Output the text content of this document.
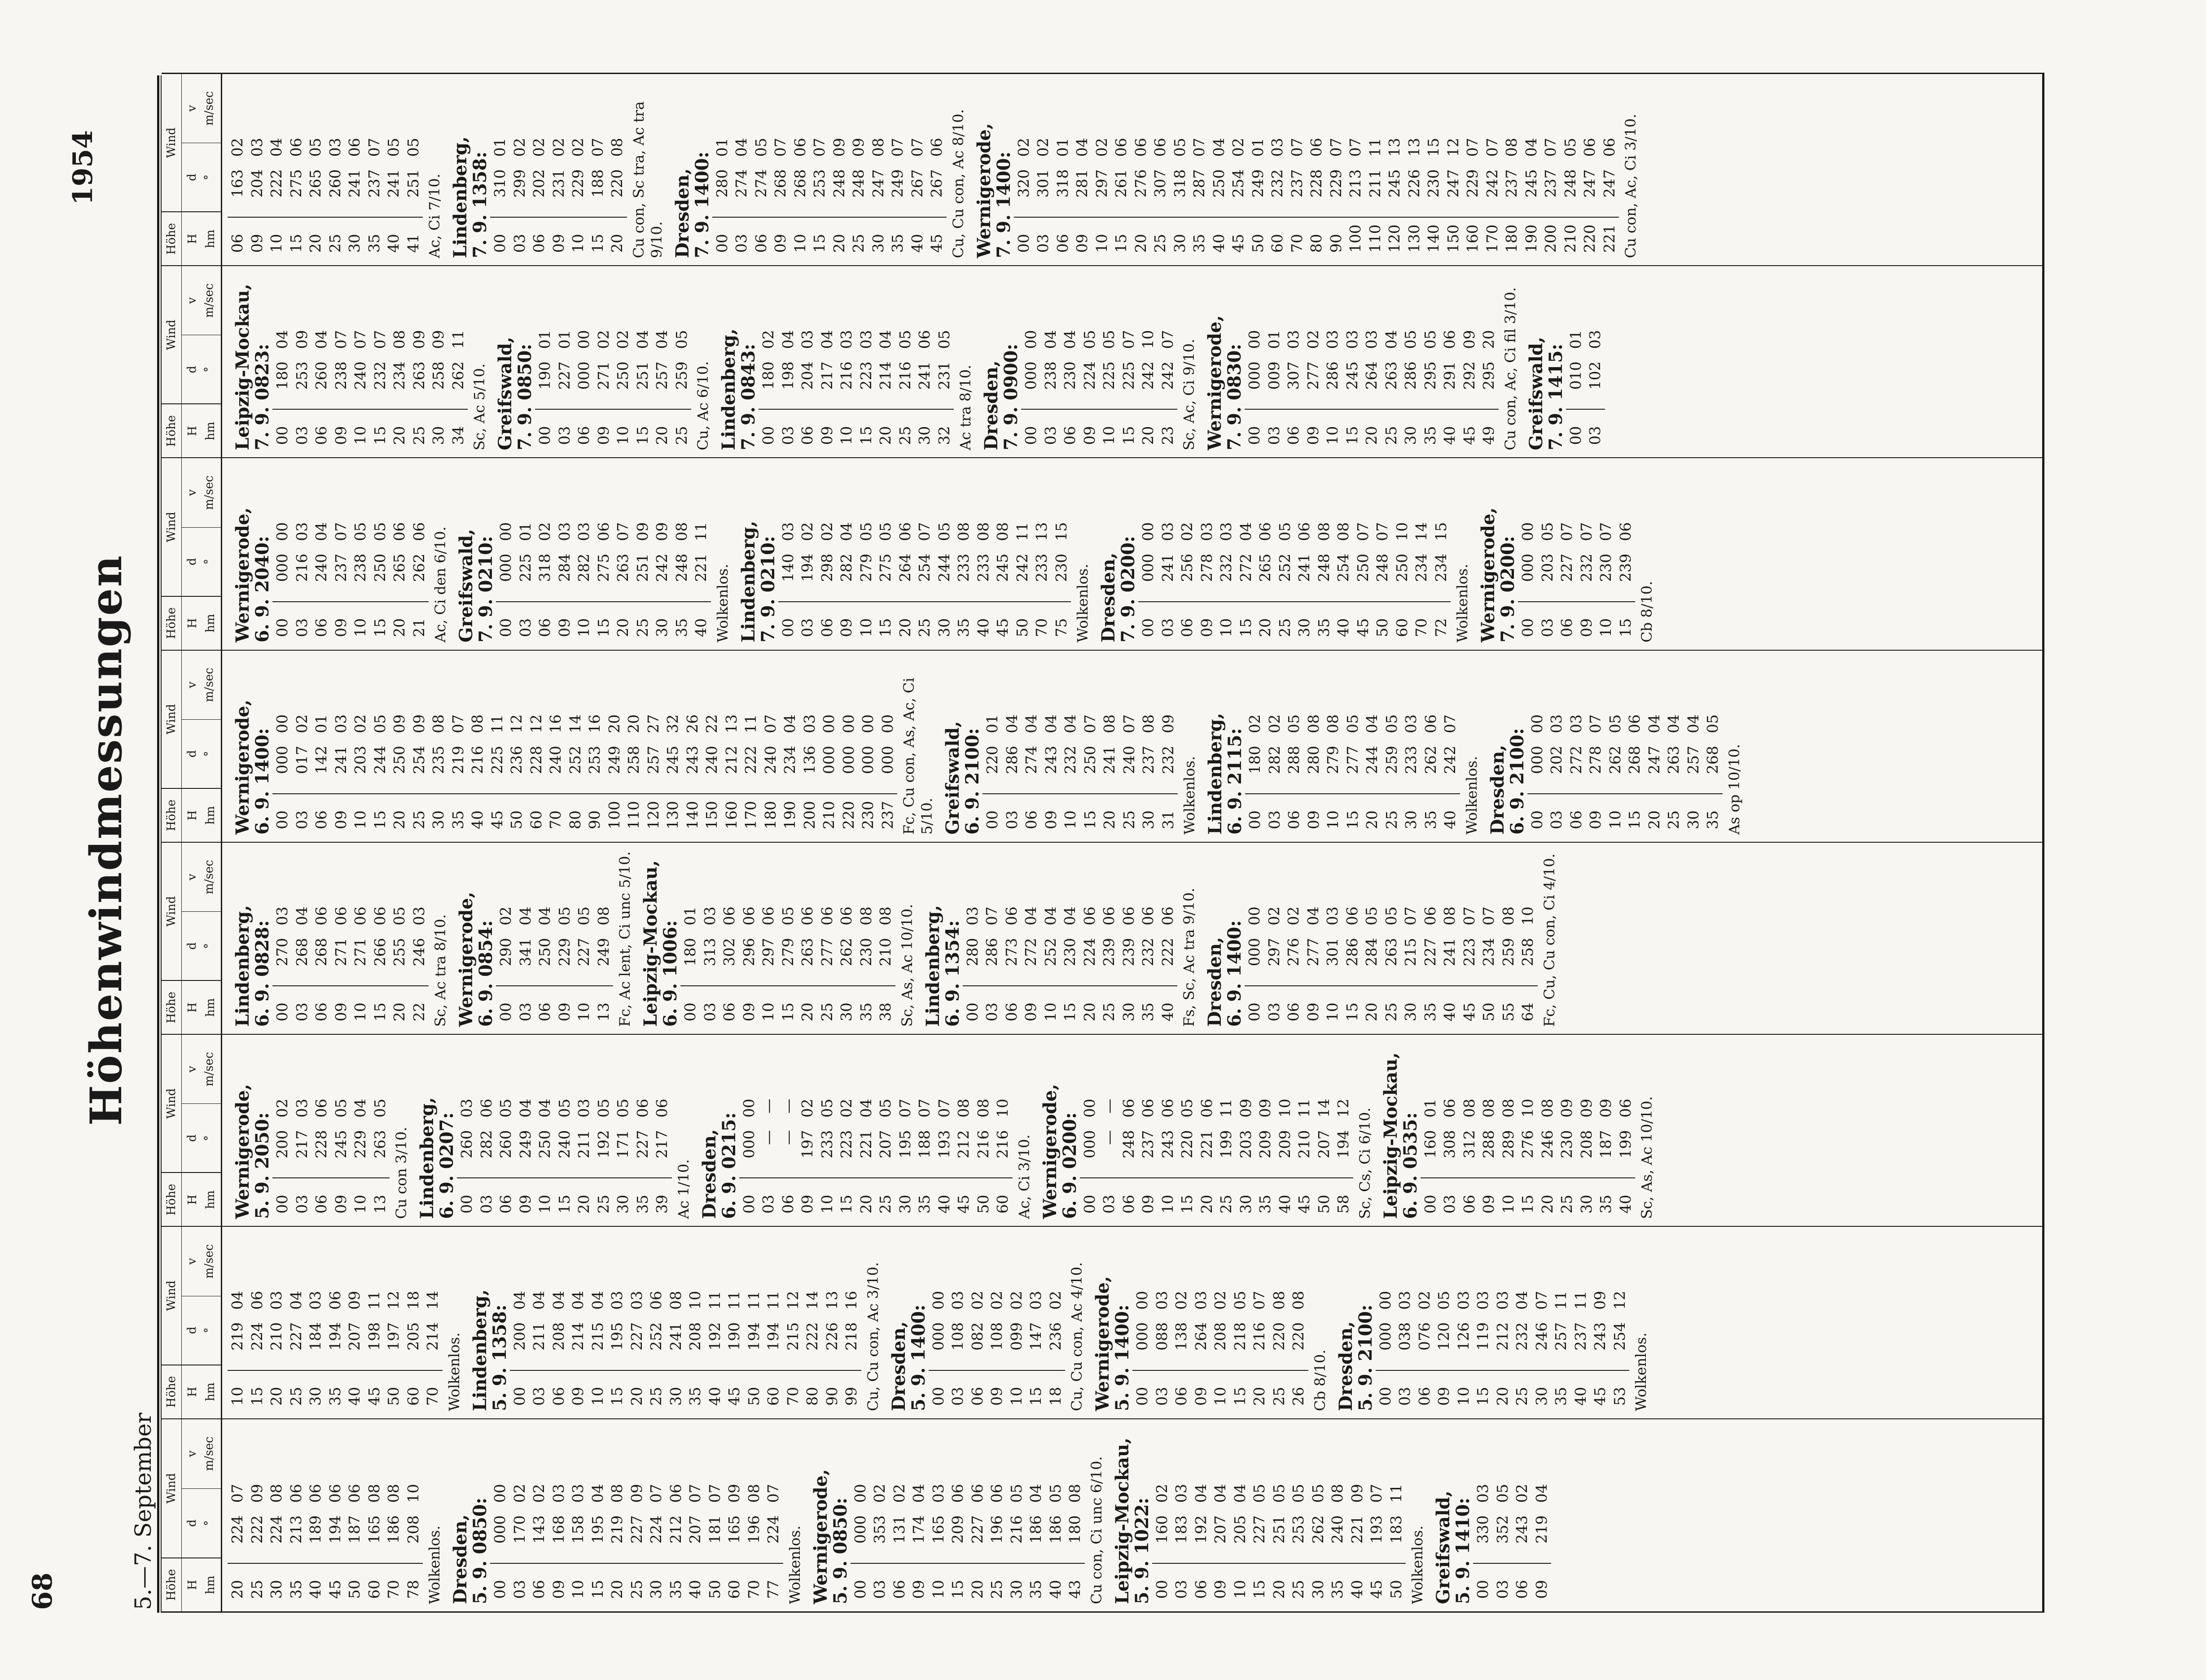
68
Höhenwindmessungen
1954
5.—7. September Höhe H hm
Wind
d °
v m/sec
20
224
07
25
222
09
30
224
08
35
213
06
40
189
06
45
194
06
50
187
06
60
165
08
70
186
08
78
208
10
Wolkenlos. Dresden,
5. 9. 0850: 00
000
00
03
170
02
06
143
02
09
168
03
10
158
03
15
195
04
20
219
08
25
227
09
30
224
07
35
212
06
40
207
07
50
181
07
60
165
09
70
196
08
77
224
07
Wolkenlos. Wernigerode,
5. 9. 0850: 00
000
00
03
353
02
06
131
02
09
174
04
10
165
03
15
209
06
20
227
06
25
196
06
30
216
05
35
186
04
40
186
05
43
180
08 Cu con, Ci unc 6/10. Leipzig-Mockau,
5. 9. 1022: 00
160
02
03
183
03
06
192
04
09
207
04
10
205
04
15
227
05
20
251
05
25
253
05
30
262
05
35
240
08
40
221
09
45
193
07
50
183
11
Wolkenlos. Greifswald,
5. 9. 1410: 00
330
03
03
352
05
06
243
02
09
219
04
Höhe H hm
Wind
d °
v m/sec
10
219
04
15
224
06
20
210
03
25
227
04
30
184
03
35
194
06
40
207
09
45
198
11
50
197
12
60
205
18
70
214
14
Wolkenlos. Lindenberg,
5. 9. 1358: 00
200
04
03
211
04
06
208
04
09
214
04
10
215
04
15
195
03
20
227
03
25
252
06
30
241
08
35
208
10
40
192
11
45
190
11
50
194
11
60
194
11
70
215
12
80
222
14
90
226
13
99
218
16 Cu, Cu con, Ac 3/10. Dresden,
5. 9. 1400: 00
000
00
03
108
03
06
082
02
09
108
02
10
099
02
15
147
03
18
236
02 Cu, Cu con, Ac 4/10. Wernigerode,
5. 9. 1400: 00
000
00
03
088
03
06
138
02
09
264
03
10
208
02
15
218
05
20
216
07
25
220
08
26
220
08
Cb 8/10. Dresden,
5. 9. 2100: 00
000
00
03
038
03
06
076
02
09
120
05
10
126
03
15
119
03
20
212
03
25
232
04
30
246
07
35
257
11
40
237
11
45
243
09
53
254
12
Wolkenlos.
Höhe H hm
Wind
d °
v m/sec
Wernigerode,
5. 9. 2050: 00
200
02
03
217
03
06
228
06
09
245
05
10
229
04
13
263
05
Cu con 3/10. Lindenberg,
6. 9. 0207: 00
260
03
03
282
06
06
260
05
09
249
04
10
250
04
15
240
05
20
211
03
25
192
05
30
171
05
35
227
06
39
217
06
Ac 1/10. Dresden,
6. 9. 0215: 00
000
00
03
—
—
06
—
—
09
197
02
10
233
05
15
223
02
20
221
04
25
207
05
30
195
07
35
188
07
40
193
07
45
212
08
50
216
08
60
216
10
Ac, Ci 3/10. Wernigerode,
6. 9. 0200: 00
000
00
03
—
—
06
248
06
09
237
06
10
243
06
15
220
05
20
221
06
25
199
11
30
203
09
35
209
09
40
209
10
45
210
11
50
207
14
58
194
12 Sc, Cs, Ci 6/10. Leipzig-Mockau,
6. 9. 0535: 00
160
01
03
308
06
06
312
08
09
288
08
10
289
08
15
276
10
20
246
08
25
230
09
30
208
09
35
187
09
40
199
06 Sc, As, Ac 10/10.
Höhe H hm
Wind
d °
v m/sec
Lindenberg,
6. 9. 0828: 00
270
03
03
268
04
06
268
06
09
271
06
10
271
06
15
266
06
20
255
05
22
246
03 Sc, Ac tra 8/10. Wernigerode,
6. 9. 0854: 00
290
02
03
341
04
06
250
04
09
229
05
10
227
05
13
249
08 Fc, Ac lent, Ci unc 5/10. Leipzig-Mockau,
6. 9. 1006: 00
180
01
03
313
03
06
302
06
09
296
06
10
297
06
15
279
05
20
263
06
25
277
06
30
262
06
35
230
08
38
210
08 Sc, As, Ac 10/10. Lindenberg,
6. 9. 1354: 00
280
03
03
286
07
06
273
06
09
272
04
10
252
04
15
230
04
20
224
06
25
239
06
30
239
06
35
232
06
40
222
06 Fs, Sc, Ac tra 9/10. Dresden,
6. 9. 1400: 00
000
00
03
297
02
06
276
02
09
277
04
10
301
03
15
286
06
20
284
05
25
263
05
30
215
07
35
227
06
40
241
08
45
223
07
50
234
07
55
259
08
64
258
10 Fc, Cu, Cu con, Ci 4/10.
Höhe H hm
Wind
d °
v m/sec
Wernigerode,
6. 9. 1400: 00
000
00
03
017
02
06
142
01
09
241
03
10
203
02
15
244
05
20
250
09
25
254
09
30
235
08
35
219
07
40
216
08
45
225
11
50
236
12
60
228
12
70
240
16
80
252
14
90
253
16
100
249
20
110
258
20
120
257
27
130
245
32
140
243
26
150
240
22
160
212
13
170
222
11
180
240
07
190
234
04
200
136
03
210
000
00
220
000
00
230
000
00
237
000
00 Fc, Cu con, As, Ac, Ci 5/10. Greifswald,
6. 9. 2100: 00
220
01
03
286
04
06
274
04
09
243
04
10
232
04
15
250
07
20
241
08
25
240
07
30
237
08
31
232
09
Wolkenlos. Lindenberg,
6. 9. 2115: 00
180
02
03
282
02
06
288
05
09
280
08
10
279
08
15
277
05
20
244
04
25
259
05
30
233
03
35
262
06
40
242
07
Wolkenlos. Dresden,
6. 9. 2100: 00
000
00
03
202
03
06
272
03
09
278
07
10
262
05
15
268
06
20
247
04
25
263
04
30
257
04
35
268
05
As op 10/10.
Höhe H hm
Wind
d °
v m/sec
Wernigerode,
6. 9. 2040: 00
000
00
03
216
03
06
240
04
09
237
07
10
238
05
15
250
05
20
265
06
21
262
06 Ac, Ci den 6/10. Greifswald,
7. 9. 0210: 00
000
00
03
225
01
06
318
02
09
284
03
10
282
03
15
275
06
20
263
07
25
251
09
30
242
09
35
248
08
40
221
11
Wolkenlos. Lindenberg,
7. 9. 0210: 00
140
03
03
194
02
06
298
02
09
282
04
10
279
05
15
275
05
20
264
06
25
254
07
30
244
05
35
233
08
40
233
08
45
245
08
50
242
11
70
233
13
75
230
15
Wolkenlos. Dresden,
7. 9. 0200: 00
000
00
03
241
03
06
256
02
09
278
03
10
232
03
15
272
04
20
265
06
25
252
05
30
241
06
35
248
08
40
254
08
45
250
07
50
248
07
60
250
10
70
234
14
72
234
15
Wolkenlos. Wernigerode,
7. 9. 0200: 00
000
00
03
203
05
06
227
07
09
232
07
10
230
07
15
239
06
Cb 8/10.
Höhe H hm
Wind
d °
v m/sec Leipzig-Mockau,
7. 9. 0823: 00
180
04
03
253
09
06
260
04
09
238
07
10
240
07
15
232
07
20
234
08
25
263
09
30
258
09
34
262
11
Sc, Ac 5/10. Greifswald,
7. 9. 0850: 00
190
01
03
227
01
06
000
00
09
271
02
10
250
02
15
251
04
20
257
04
25
259
05
Cu, Ac 6/10. Lindenberg,
7. 9. 0843: 00
180
02
03
198
04
06
204
03
09
217
04
10
216
03
15
223
03
20
214
04
25
216
05
30
241
06
32
231
05
Ac tra 8/10. Dresden,
7. 9. 0900: 00
000
00
03
238
04
06
230
04
09
224
05
10
225
05
15
225
07
20
242
10
23
242
07 Sc, Ac, Ci 9/10. Wernigerode,
7. 9. 0830: 00
000
00
03
009
01
06
307
03
09
277
02
10
286
03
15
245
03
20
264
03
25
263
04
30
286
05
35
295
05
40
291
06
45
292
09
49
295
20 Cu con, Ac, Ci fil 3/10. Greifswald,
7. 9. 1415: 00
010
01
03
102
03
Höhe H hm
Wind
d °
v m/sec
06
163
02
09
204
03
10
222
04
15
275
06
20
265
05
25
260
03
30
241
06
35
237
07
40
241
05
41
251
05
Ac, Ci 7/10. Lindenberg,
7. 9. 1358: 00
310
01
03
299
02
06
202
02
09
231
02
10
229
02
15
188
07
20
220
08 Cu con, Sc tra, Ac tra 9/10. Dresden,
7. 9. 1400: 00
280
01
03
274
04
06
274
05
09
268
07
10
268
06
15
253
07
20
248
09
25
248
09
30
247
08
35
249
07
40
267
07
45
267
06 Cu, Cu con, Ac 8/10. Wernigerode,
7. 9. 1400: 00
320
02
03
301
02
06
318
01
09
281
04
10
297
02
15
261
06
20
276
06
25
307
06
30
318
05
35
287
07
40
250
04
45
254
02
50
249
01
60
232
03
70
237
07
80
228
06
90
229
07
100
213
07
110
211
11
120
245
13
130
226
13
140
230
15
150
247
12
160
229
07
170
242
07
180
237
08
190
245
04
200
237
07
210
248
05
220
247
06
221
247
06 Cu con, Ac, Ci 3/10.
